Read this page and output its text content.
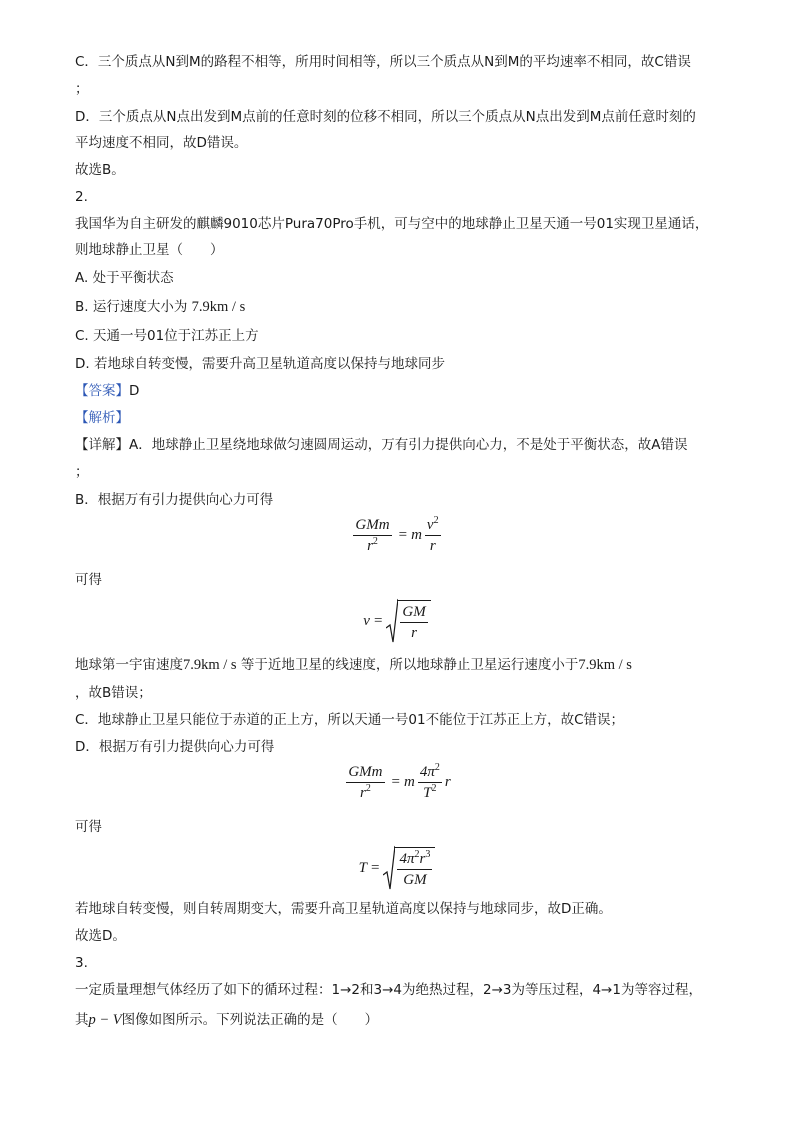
C．三个质点从N到M的路程不相等，所用时间相等，所以三个质点从N到M的平均速率不相同，故C错误

；

D．三个质点从N点出发到M点前的任意时刻的位移不相同，所以三个质点从N点出发到M点前任意时刻的

平均速度不相同，故D错误。

故选B。

2.

我国华为自主研发的麒麟9010芯片Pura70Pro手机，可与空中的地球静止卫星天通一号01实现卫星通话，

则地球静止卫星（　　）

A. 处于平衡状态

C. 天通一号01位于江苏正上方

D. 若地球自转变慢，需要升高卫星轨道高度以保持与地球同步

【详解】A．地球静止卫星绕地球做匀速圆周运动，万有引力提供向心力，不是处于平衡状态，故A错误

；

B．根据万有引力提供向心力可得

可得

，故B错误；

C．地球静止卫星只能位于赤道的正上方，所以天通一号01不能位于江苏正上方，故C错误；

D．根据万有引力提供向心力可得

可得

若地球自转变慢，则自转周期变大，需要升高卫星轨道高度以保持与地球同步，故D正确。

故选D。

3.

一定质量理想气体经历了如下的循环过程：1→2和3→4为绝热过程，2→3为等压过程，4→1为等容过程，

B. 运行速度大小为 7.9km / s

【答案】D

【解析】

$\frac{\text{GMm}}{r^2} = m \frac{v^2}{r}$
$v = \frac{GM}{r}$

地球第一宇宙速度7.9km / s 等于近地卫星的线速度，所以地球静止卫星运行速度小于7.9km / s

$\frac{\text{GMm}}{r^2} = m \frac{4\pi^2}{T^2}$ r
$T = \frac{4\pi^2r^3}{GM}$

其p − V图像如图所示。下列说法正确的是（　　）
